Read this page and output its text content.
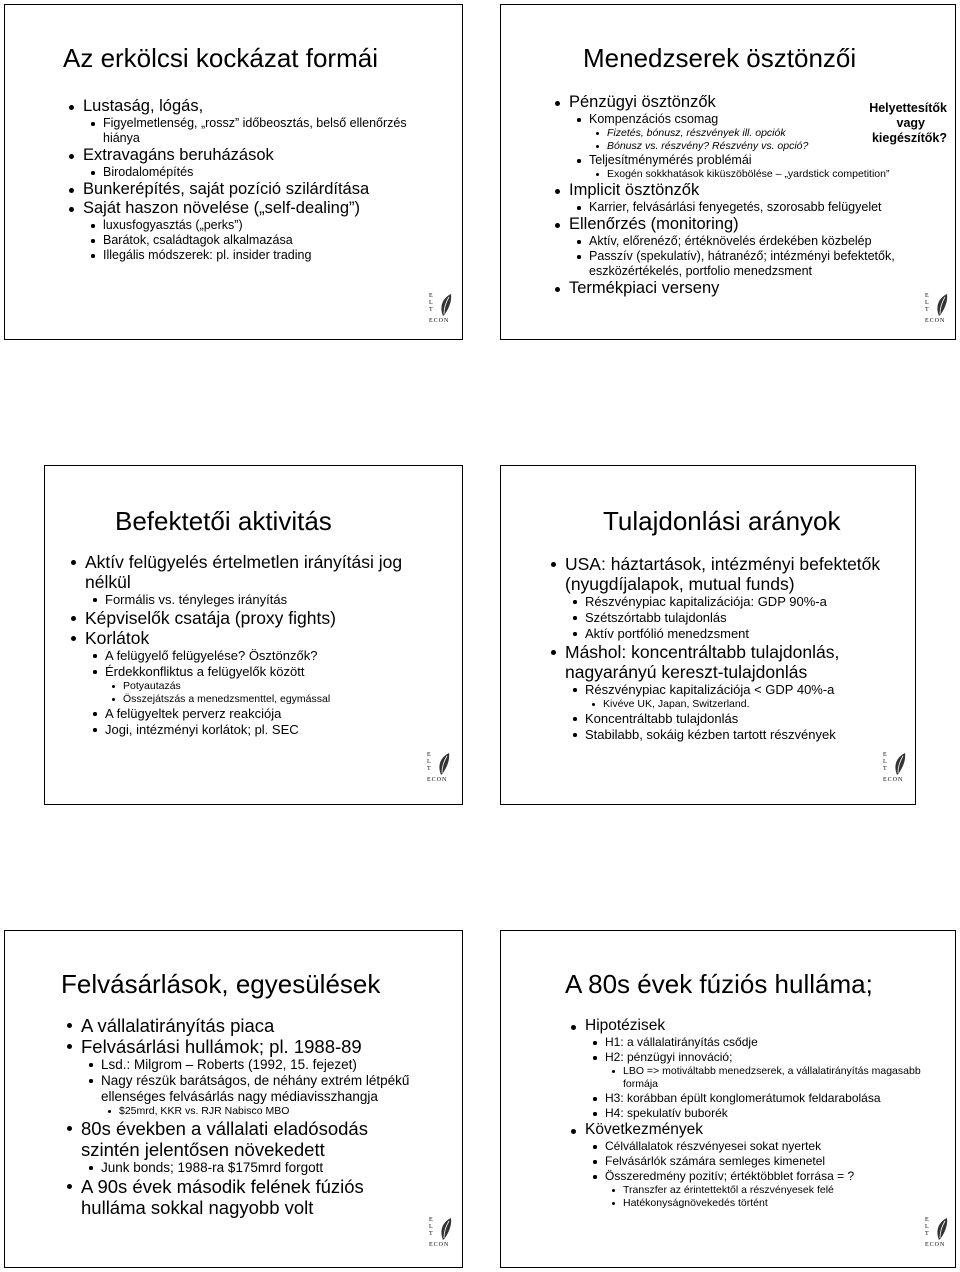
Az erkölcsi kockázat formái
Lustaság, lógás,
Figyelmetlenség, „rossz” időbeosztás, belső ellenőrzés hiánya
Extravagáns beruházások
Birodalomépítés
Bunkerépítés, saját pozíció szilárdítása
Saját haszon növelése („self-dealing”)
luxusfogyasztás („perks”)
Barátok, családtagok alkalmazása
Illegális módszerek: pl. insider trading
E
L
T
ECON
Menedzserek ösztönzői
Helyettesítők
vagy
kiegészítők?
Pénzügyi ösztönzők
Kompenzációs csomag
Fizetés, bónusz, részvények ill. opciók
Bónusz vs. részvény? Részvény vs. opció?
Teljesítménymérés problémái
Exogén sokkhatások kiküszöbölése – „yardstick competition”
Implicit ösztönzők
Karrier, felvásárlási fenyegetés, szorosabb felügyelet
Ellenőrzés (monitoring)
Aktív, előrenéző; értéknövelés érdekében közbelép
Passzív (spekulatív), hátranéző; intézményi befektetők, eszközértékelés, portfolio menedzsment
Termékpiaci verseny	E
L
T
ECON
Befektetői aktivitás
Aktív felügyelés értelmetlen irányítási jog nélkül
Formális vs. tényleges irányítás
Képviselők csatája (proxy fights)
Korlátok
A felügyelő felügyelése? Ösztönzők?
Érdekkonfliktus a felügyelők között
Potyautazás
Összejátszás a menedzsmenttel, egymással
A felügyeltek perverz reakciója
Jogi, intézményi korlátok; pl. SEC
E
L
T
ECON
Tulajdonlási arányok
USA: háztartások, intézményi befektetők (nyugdíjalapok, mutual funds)
Részvénypiac kapitalizációja: GDP 90%-a
Szétszórtabb tulajdonlás
Aktív portfólió menedzsment
Máshol: koncentráltabb tulajdonlás, nagyarányú kereszt-tulajdonlás
Részvénypiac kapitalizációja < GDP 40%-a
Kivéve UK, Japan, Switzerland.
Koncentráltabb tulajdonlás
Stabilabb, sokáig kézben tartott részvények
E
L
T
ECON
Felvásárlások, egyesülések
A vállalatirányítás piaca
Felvásárlási hullámok; pl. 1988-89
Lsd.: Milgrom – Roberts (1992, 15. fejezet)
Nagy részük barátságos, de néhány extrém létpékű ellenséges felvásárlás nagy médiavisszhangja
$25mrd, KKR vs. RJR Nabisco MBO
80s években a vállalati eladósodás szintén jelentősen növekedett
Junk bonds; 1988-ra $175mrd forgott
A 90s évek második felének fúziós hulláma sokkal nagyobb volt
E
L
T
ECON
A 80s évek fúziós hulláma;
Hipotézisek
H1: a vállalatirányítás csődje
H2: pénzügyi innováció;
LBO => motiváltabb menedzserek, a vállalatirányítás magasabb formája
H3: korábban épült konglomerátumok feldarabolása
H4: spekulatív buborék
Következmények
Célvállalatok részvényesei sokat nyertek
Felvásárlók számára semleges kimenetel
Összeredmény pozitív; értéktöbblet forrása = ?
Transzfer az érintettektől a részvényesek felé
Hatékonyságnövekedés történt
E
L
T
ECON
